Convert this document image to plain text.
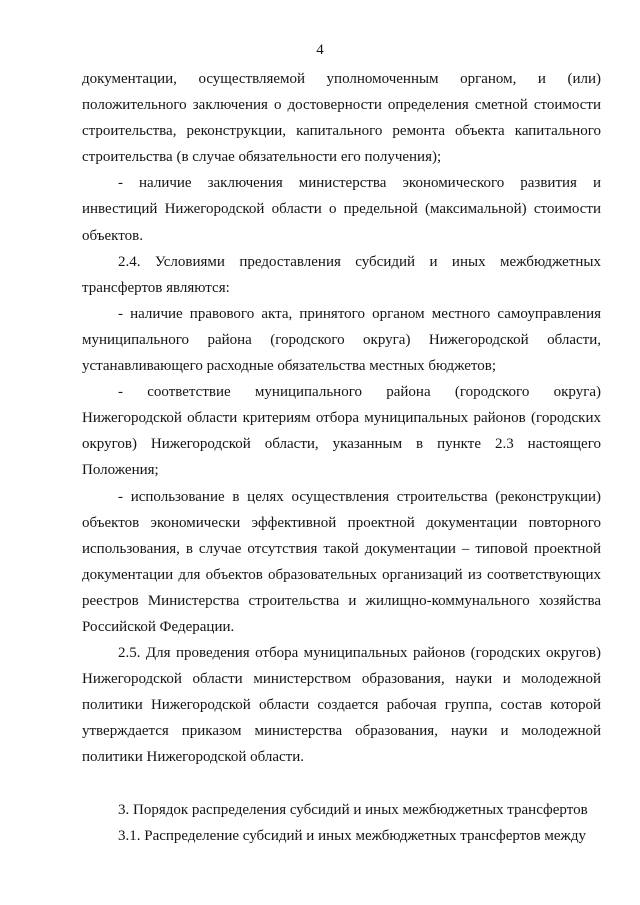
4

документации, осуществляемой уполномоченным органом, и (или) положительного заключения о достоверности определения сметной стоимости строительства, реконструкции, капитального ремонта объекта капитального строительства (в случае обязательности его получения);

- наличие заключения министерства экономического развития и инвестиций Нижегородской области о предельной (максимальной) стоимости объектов.

2.4. Условиями предоставления субсидий и иных межбюджетных трансфертов являются:

- наличие правового акта, принятого органом местного самоуправления муниципального района (городского округа) Нижегородской области, устанавливающего расходные обязательства местных бюджетов;

- соответствие муниципального района (городского округа) Нижегородской области критериям отбора муниципальных районов (городских округов) Нижегородской области, указанным в пункте 2.3 настоящего Положения;

- использование в целях осуществления строительства (реконструкции) объектов экономически эффективной проектной документации повторного использования, в случае отсутствия такой документации – типовой проектной документации для объектов образовательных организаций из соответствующих реестров Министерства строительства и жилищно-коммунального хозяйства Российской Федерации.

2.5. Для проведения отбора муниципальных районов (городских округов) Нижегородской области министерством образования, науки и молодежной политики Нижегородской области создается рабочая группа, состав которой утверждается приказом министерства образования, науки и молодежной политики Нижегородской области.

3. Порядок распределения субсидий и иных межбюджетных трансфертов

3.1. Распределение субсидий и иных межбюджетных трансфертов между
